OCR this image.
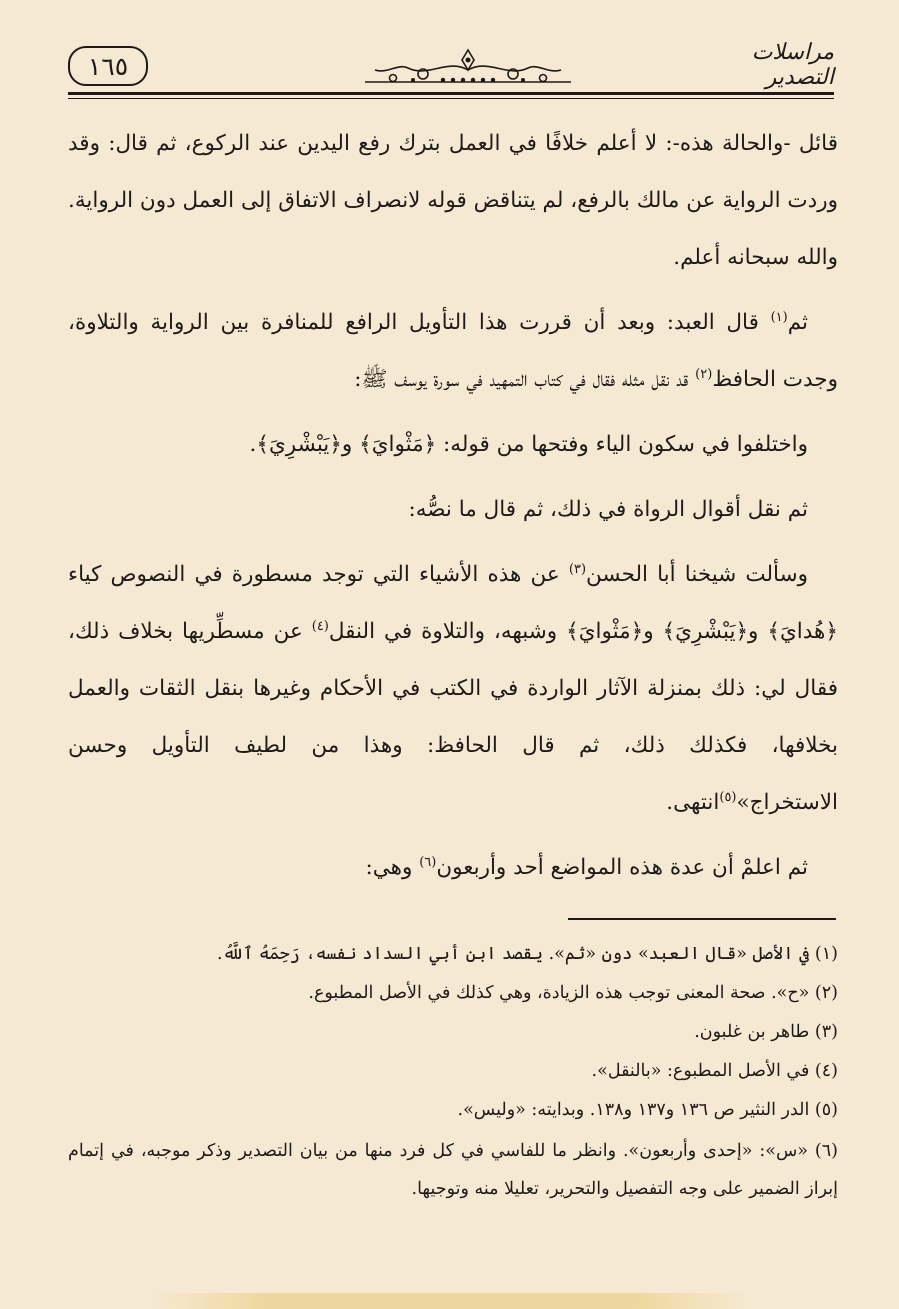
١٦٥	مراسلات التصدير

قائل -والحالة هذه-: لا أعلم خلافًا في العمل بترك رفع اليدين عند الركوع، ثم قال: وقد وردت الرواية عن مالك بالرفع، لم يتناقض قوله لانصراف الاتفاق إلى العمل دون الرواية. والله سبحانه أعلم.

ثم$^{(١)}$ قال العبد: وبعد أن قررت هذا التأويل الرافع للمنافرة بين الرواية والتلاوة، وجدت الحافظ$^{(٢)}$ قد نقل مثله فقال في كتاب التمهيد في سورة يوسف ﷺ:

واختلفوا في سكون الياء وفتحها من قوله: ﴿مَثْوايَ﴾ و﴿يَبْشْرِيَ﴾.

ثم نقل أقوال الرواة في ذلك، ثم قال ما نصُّه:

وسألت شيخنا أبا الحسن$^{(٣)}$ عن هذه الأشياء التي توجد مسطورة في النصوص كياء ﴿هُدايَ﴾ و﴿يَبْشْرِيَ﴾ و﴿مَثْوايَ﴾ وشبهه، والتلاوة في النقل$^{(٤)}$ عن مسطِّريها بخلاف ذلك، فقال لي: ذلك بمنزلة الآثار الواردة في الكتب في الأحكام وغيرها بنقل الثقات والعمل بخلافها، فكذلك ذلك، ثم قال الحافظ: وهذا من لطيف التأويل وحسن الاستخراج»$^{(٥)}$انتهى.

ثم اعلمْ أن عدة هذه المواضع أحد وأربعون$^{(٦)}$ وهي:

(١) في الأصل «قال العبد» دون «ثم». يقصد ابن أبي السداد نفسه، رَحِمَهُ ٱللَّهُ.

(٢) «ح». صحة المعنى توجب هذه الزيادة، وهي كذلك في الأصل المطبوع.

(٣) طاهر بن غلبون.

(٤) في الأصل المطبوع: «بالنقل».

(٥) الدر النثير ص ١٣٦ و١٣٧ و١٣٨. وبدايته: «وليس».

(٦) «س»: «إحدى وأربعون». وانظر ما للفاسي في كل فرد منها من بيان التصدير وذكر موجبه، في إتمام إبراز الضمير على وجه التفصيل والتحرير، تعليلا منه وتوجيها.
